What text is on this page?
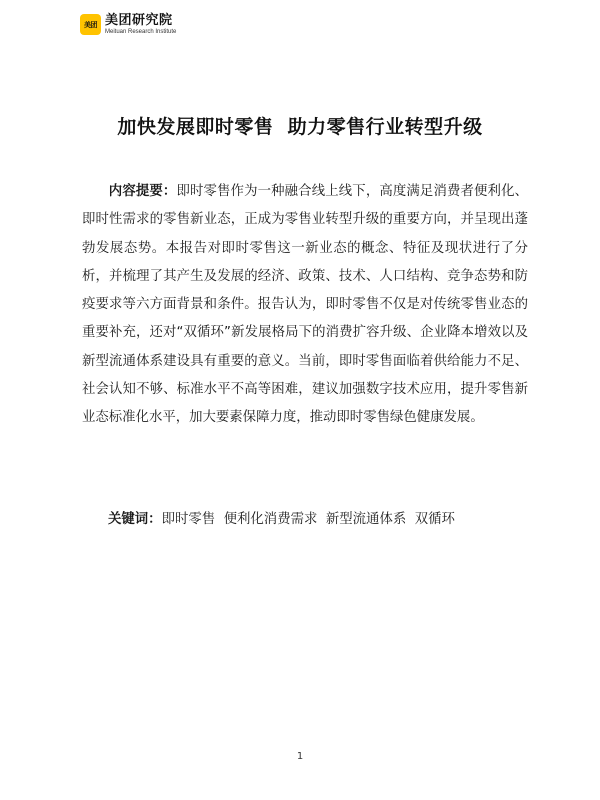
美团 美团研究院
Meituan Research Institute
加快发展即时零售  助力零售行业转型升级

内容提要：即时零售作为一种融合线上线下，高度满足消费者便利化、即时性需求的零售新业态，正成为零售业转型升级的重要方向，并呈现出蓬勃发展态势。本报告对即时零售这一新业态的概念、特征及现状进行了分析，并梳理了其产生及发展的经济、政策、技术、人口结构、竞争态势和防疫要求等六方面背景和条件。报告认为，即时零售不仅是对传统零售业态的重要补充，还对“双循环”新发展格局下的消费扩容升级、企业降本增效以及新型流通体系建设具有重要的意义。当前，即时零售面临着供给能力不足、社会认知不够、标准水平不高等困难，建议加强数字技术应用，提升零售新业态标准化水平，加大要素保障力度，推动即时零售绿色健康发展。

关键词：即时零售  便利化消费需求  新型流通体系  双循环

1
